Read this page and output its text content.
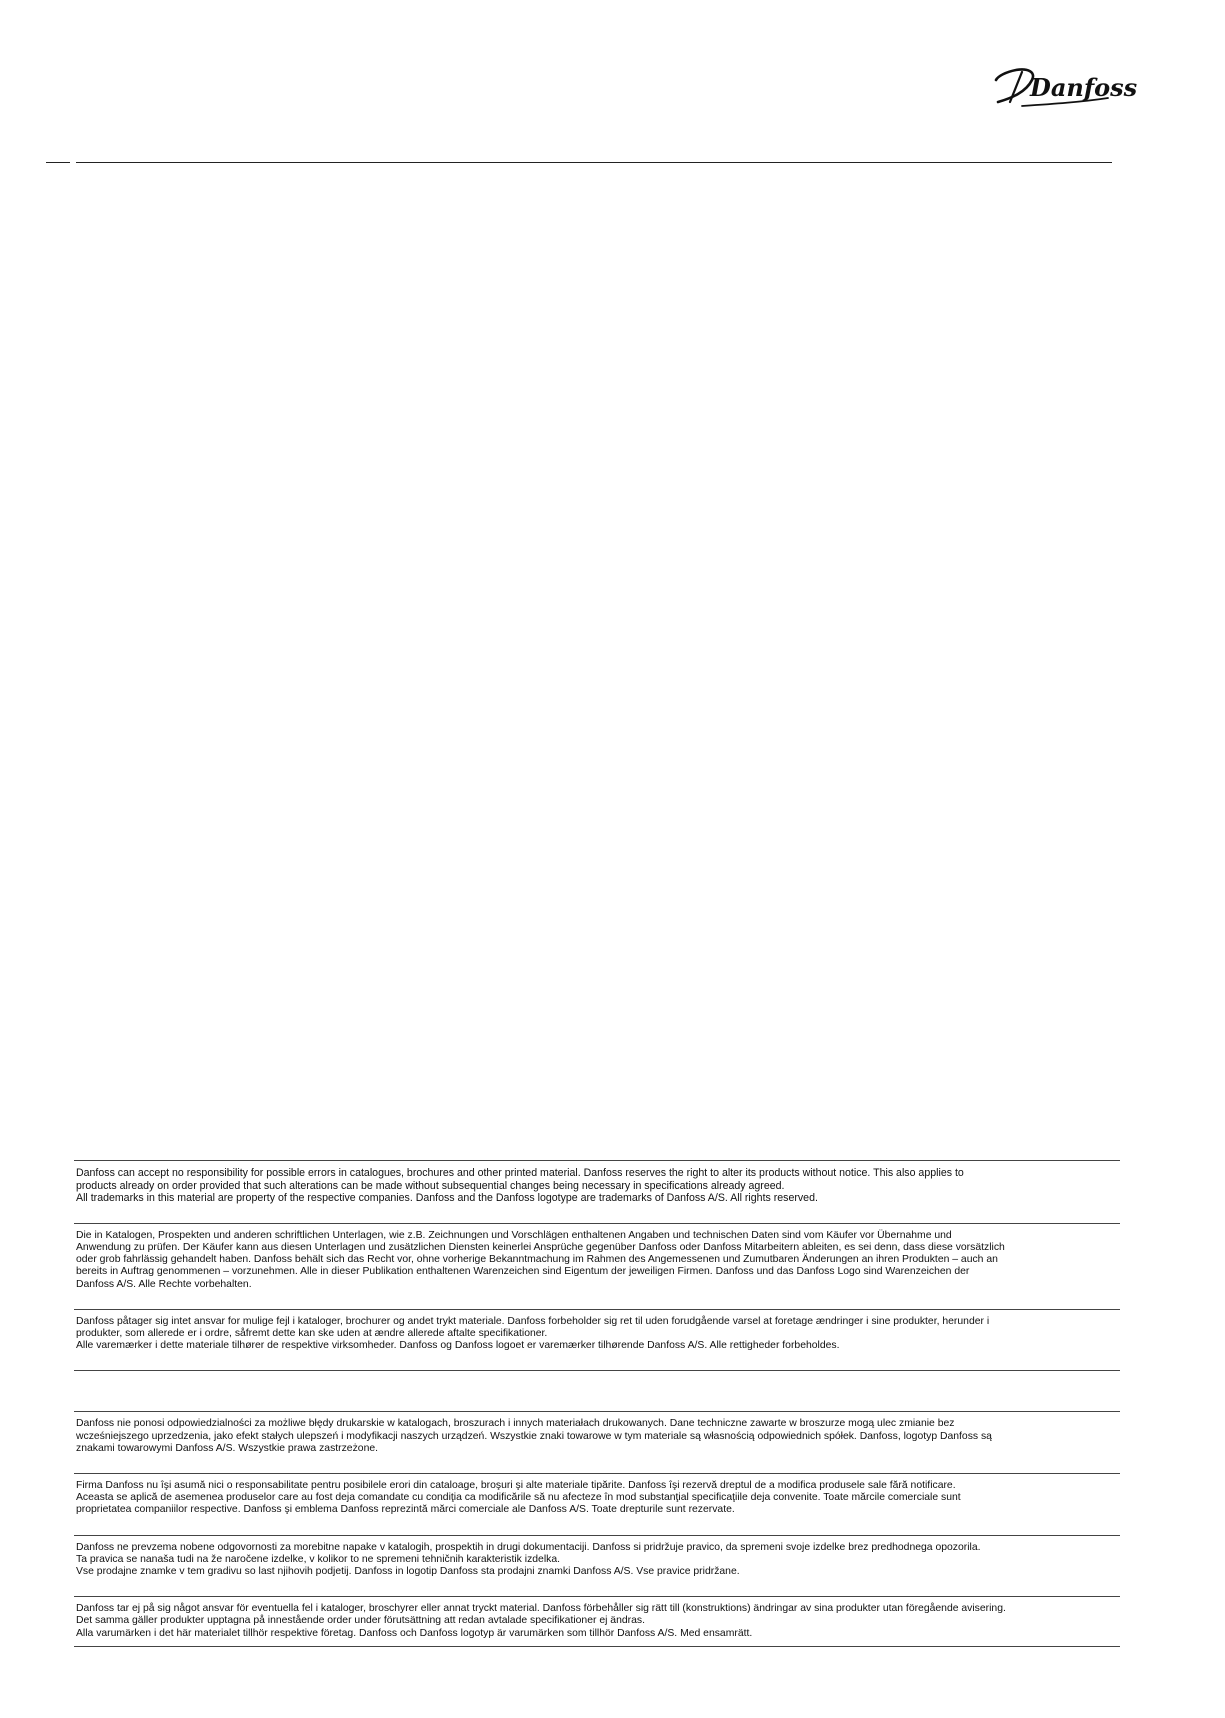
Danfoss

Danfoss can accept no responsibility for possible errors in catalogues, brochures and other printed material. Danfoss reserves the right to alter its products without notice. This also applies to

products already on order provided that such alterations can be made without subsequential changes being necessary in specifications already agreed.

All trademarks in this material are property of the respective companies. Danfoss and the Danfoss logotype are trademarks of Danfoss A/S. All rights reserved.

Die in Katalogen, Prospekten und anderen schriftlichen Unterlagen, wie z.B. Zeichnungen und Vorschlägen enthaltenen Angaben und technischen Daten sind vom Käufer vor Übernahme und

Anwendung zu prüfen. Der Käufer kann aus diesen Unterlagen und zusätzlichen Diensten keinerlei Ansprüche gegenüber Danfoss oder Danfoss Mitarbeitern ableiten, es sei denn, dass diese vorsätzlich

oder grob fahrlässig gehandelt haben. Danfoss behält sich das Recht vor, ohne vorherige Bekanntmachung im Rahmen des Angemessenen und Zumutbaren Änderungen an ihren Produkten – auch an

bereits in Auftrag genommenen – vorzunehmen. Alle in dieser Publikation enthaltenen Warenzeichen sind Eigentum der jeweiligen Firmen. Danfoss und das Danfoss Logo sind Warenzeichen der

Danfoss A/S. Alle Rechte vorbehalten.

Danfoss påtager sig intet ansvar for mulige fejl i kataloger, brochurer og andet trykt materiale. Danfoss forbeholder sig ret til uden forudgående varsel at foretage ændringer i sine produkter, herunder i

produkter, som allerede er i ordre, såfremt dette kan ske uden at ændre allerede aftalte specifikationer.

Alle varemærker i dette materiale tilhører de respektive virksomheder. Danfoss og Danfoss logoet er varemærker tilhørende Danfoss A/S. Alle rettigheder forbeholdes.

Danfoss nie ponosi odpowiedzialności za możliwe błędy drukarskie w katalogach, broszurach i innych materiałach drukowanych. Dane techniczne zawarte w broszurze mogą ulec zmianie bez

wcześniejszego uprzedzenia, jako efekt stałych ulepszeń i modyfikacji naszych urządzeń. Wszystkie znaki towarowe w tym materiale są własnością odpowiednich spółek. Danfoss, logotyp Danfoss są

znakami towarowymi Danfoss A/S. Wszystkie prawa zastrzeżone.

Firma Danfoss nu îşi asumă nici o responsabilitate pentru posibilele erori din cataloage, broşuri şi alte materiale tipărite. Danfoss îşi rezervă dreptul de a modifica produsele sale fără notificare.

Aceasta se aplică de asemenea produselor care au fost deja comandate cu condiţia ca modificările să nu afecteze în mod substanţial specificaţiile deja convenite. Toate mărcile comerciale sunt

proprietatea companiilor respective. Danfoss şi emblema Danfoss reprezintă mărci comerciale ale Danfoss A/S. Toate drepturile sunt rezervate.

Danfoss ne prevzema nobene odgovornosti za morebitne napake v katalogih, prospektih in drugi dokumentaciji. Danfoss si pridržuje pravico, da spremeni svoje izdelke brez predhodnega opozorila.

Ta pravica se nanaša tudi na že naročene izdelke, v kolikor to ne spremeni tehničnih karakteristik izdelka.

Vse prodajne znamke v tem gradivu so last njihovih podjetij. Danfoss in logotip Danfoss sta prodajni znamki Danfoss A/S. Vse pravice pridržane.

Danfoss tar ej på sig något ansvar för eventuella fel i kataloger, broschyrer eller annat tryckt material. Danfoss förbehåller sig rätt till (konstruktions) ändringar av sina produkter utan föregående avisering.

Det samma gäller produkter upptagna på innestående order under förutsättning att redan avtalade specifikationer ej ändras.

Alla varumärken i det här materialet tillhör respektive företag. Danfoss och Danfoss logotyp är varumärken som tillhör Danfoss A/S. Med ensamrätt.
